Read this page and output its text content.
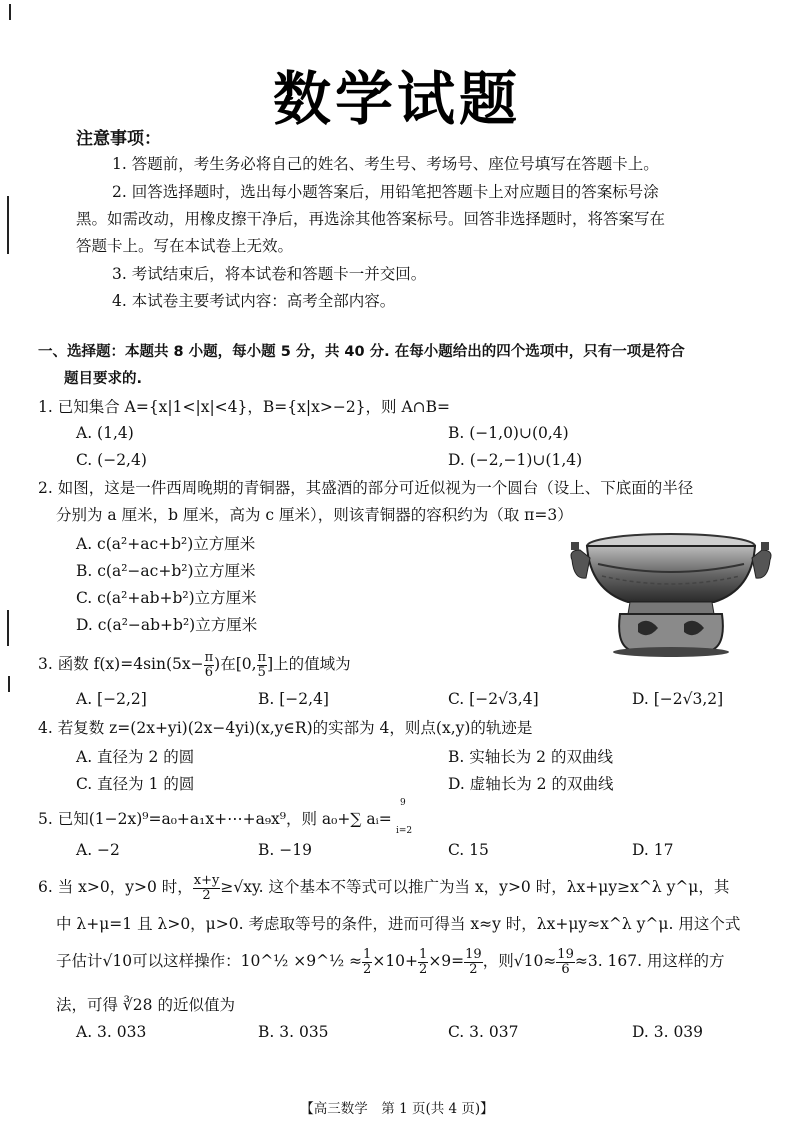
数学试题
注意事项：
1. 答题前，考生务必将自己的姓名、考生号、考场号、座位号填写在答题卡上。
2. 回答选择题时，选出每小题答案后，用铅笔把答题卡上对应题目的答案标号涂
黑。如需改动，用橡皮擦干净后，再选涂其他答案标号。回答非选择题时，将答案写在
答题卡上。写在本试卷上无效。
3. 考试结束后，将本试卷和答题卡一并交回。
4. 本试卷主要考试内容：高考全部内容。
一、选择题：本题共 8 小题，每小题 5 分，共 40 分. 在每小题给出的四个选项中，只有一项是符合
题目要求的.
1. 已知集合 A={x|1<|x|<4}，B={x|x>−2}，则 A∩B=
A. (1,4)	B. (−1,0)∪(0,4)
C. (−2,4)	D. (−2,−1)∪(1,4)
2. 如图，这是一件西周晚期的青铜器，其盛酒的部分可近似视为一个圆台（设上、下底面的半径
分别为 a 厘米，b 厘米，高为 c 厘米），则该青铜器的容积约为（取 π=3）
A. c(a²+ac+b²)立方厘米
B. c(a²−ac+b²)立方厘米
C. c(a²+ab+b²)立方厘米
D. c(a²−ab+b²)立方厘米
3. 函数 $f(x)=4\sin(5x- \frac{\pi}{6}$ )在[0, $\frac{\pi}{5}$ ]上的值域为
A. [−2,2]	B. [−2,4]	C. [−2√3,4]	D. [−2√3,2]
4. 若复数 z=(2x+yi)(2x−4yi)(x,y∈R)的实部为 4，则点(x,y)的轨迹是
A. 直径为 2 的圆	B. 实轴长为 2 的双曲线
C. 直径为 1 的圆	D. 虚轴长为 2 的双曲线
5. 已知(1−2x)⁹=a₀+a₁x+⋯+a₉x⁹，则 a₀+∑ aᵢ=
9
i=2
A. −2	B. −19	C. 15	D. 17
6. 当 x>0，y>0 时， $\frac{x+y}{2} \ge√xy$. 这个基本不等式可以推广为当 x，y>0 时，λx+μy≥x^λ y^μ，其
中 λ+μ=1 且 λ>0，μ>0. 考虑取等号的条件，进而可得当 x≈y 时，λx+μy≈x^λ y^μ. 用这个式
子估计√10可以这样操作：10^½ ×9^½ ≈ $\frac{1}{2} \times 10+ \frac{1}{2} \times 9= \frac{19}{2}$ ，则$√10\approx \frac{19}{6} \approx 3$. 167. 用这样的方
法，可得 ∛28 的近似值为
A. 3. 033	B. 3. 035	C. 3. 037	D. 3. 039
【高三数学　第 1 页(共 4 页)】
